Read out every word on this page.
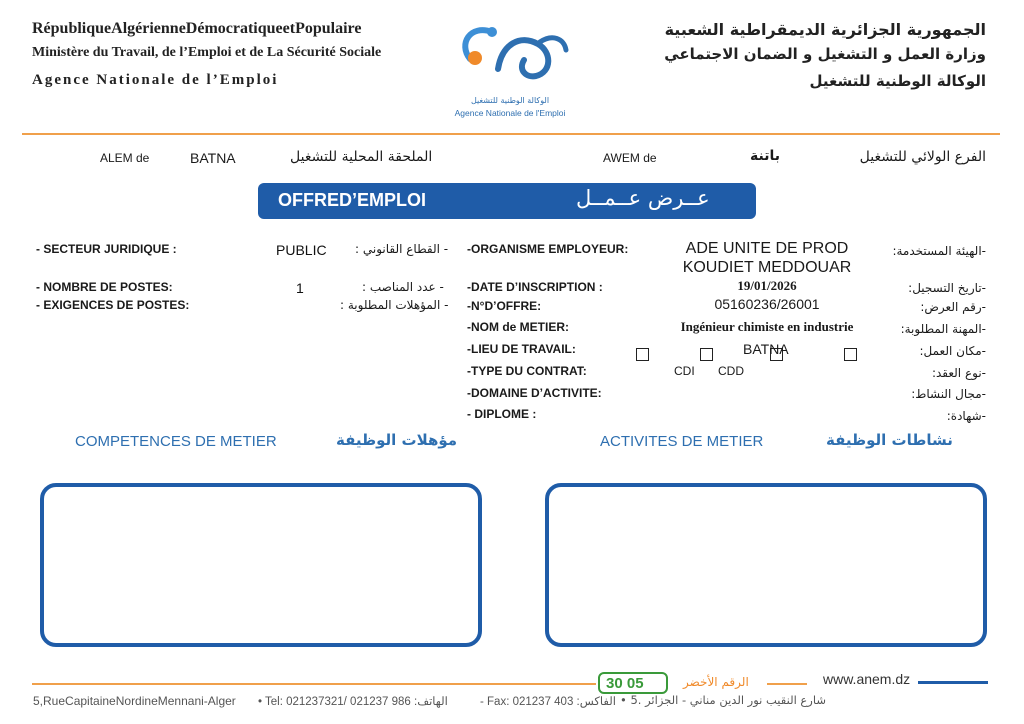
RépubliqueAlgérienneDémocratiqueetPopulaire
Ministère du Travail, de l’Emploi et de La Sécurité Sociale
Agence Nationale de l’Emploi
الوكالة الوطنية للتشغيل
Agence Nationale de l'Emploi
الجمهورية الجزائرية الديمقراطية الشعبية
وزارة العمل و التشغيل و الضمان الاجتماعي
الوكالة الوطنية للتشغيل
ALEM de	BATNA	الملحقة المحلية للتشغيل	AWEM de	باتنة	الفرع الولائي للتشغيل
OFFRED’EMPLOI	عــرض عــمــل
- SECTEUR JURIDIQUE :	PUBLIC - القطاع القانوني :
- NOMBRE DE POSTES:	1	- عدد المناصب :
- EXIGENCES DE POSTES:	- المؤهلات المطلوبة :
-ORGANISME EMPLOYEUR:	ADE UNITE DE PROD
KOUDIET MEDDOUAR
-الهيئة المستخدمة:
-DATE D’INSCRIPTION :	19/01/2026	-تاريخ التسجيل:
-N°D’OFFRE:	05160236/26001	-رقم العرض:
-NOM de METIER:	Ingénieur chimiste en industrie	-المهنة المطلوبة:
-LIEU DE TRAVAIL:	BATNA	-مكان العمل:
-TYPE DU CONTRAT:	CDI CDD	-نوع العقد:
-DOMAINE D’ACTIVITE:	-مجال النشاط:
- DIPLOME :	-شهادة:
COMPETENCES DE METIER	مؤهلات الوظيفة	ACTIVITES DE METIER	نشاطات الوظيفة
30 05	الرقم الأخضر	www.anem.dz
5,RueCapitaineNordineMennani-Alger • Tel: 021237321/ 021237 986 :الهاتف	- Fax: 021237 403 :الفاكس • 5. شارع النقيب نور الدين مناني - الجزائر
